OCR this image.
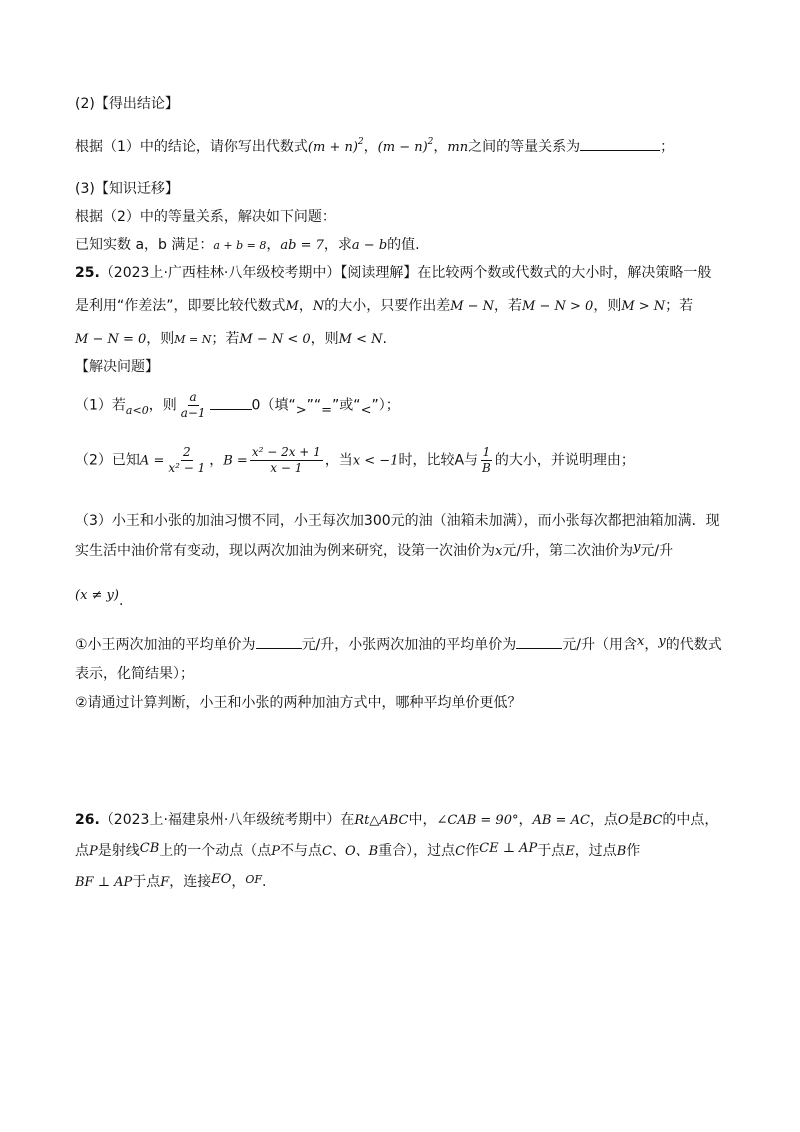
(2)【得出结论】
根据（1）中的结论，请你写出代数式$(m + n)^2$，$(m - n)^2$，mn之间的等量关系为	；
(3)【知识迁移】
根据（2）中的等量关系，解决如下问题：
已知实数 a，b 满足：a + b = 8，ab = 7，求a − b的值.
25.（2023上·广西桂林·八年级校考期中）【阅读理解】在比较两个数或代数式的大小时，解决策略一般
是利用“作差法”，即要比较代数式M，N的大小，只要作出差M − N，若M − N > 0，则M > N；若
M − N = 0，则M = N；若M − N < 0，则M < N.
【解决问题】
（1）若$_{a<0}$，则 $\frac{a}{a-1}$	0（填“>”“=”或“<”）；
（2）已知$A = \frac{2}{\text{x² − 1}}$ ，$B = \frac{\text{x² − 2x + 1}}{x - 1}$ ，当x < −1时，比较A与 $\frac{1}{B}$ 的大小，并说明理由；
（3）小王和小张的加油习惯不同，小王每次加300元的油（油箱未加满），而小张每次都把油箱加满．现
实生活中油价常有变动，现以两次加油为例来研究，设第一次油价为x元/升，第二次油价为y元/升
(x ≠ y).
①小王两次加油的平均单价为	元/升，小张两次加油的平均单价为	元/升（用含x，y的代数式
表示，化简结果）；
②请通过计算判断，小王和小张的两种加油方式中，哪种平均单价更低？
26.（2023上·福建泉州·八年级统考期中）在Rt△ABC中，∠CAB = 90°，AB = AC，点O是BC的中点，
点P是射线CB上的一个动点（点P不与点C、O、B重合），过点C作CE ⊥ AP于点E，过点B作
BF ⊥ AP于点F，连接EO，$^{OF}$.
